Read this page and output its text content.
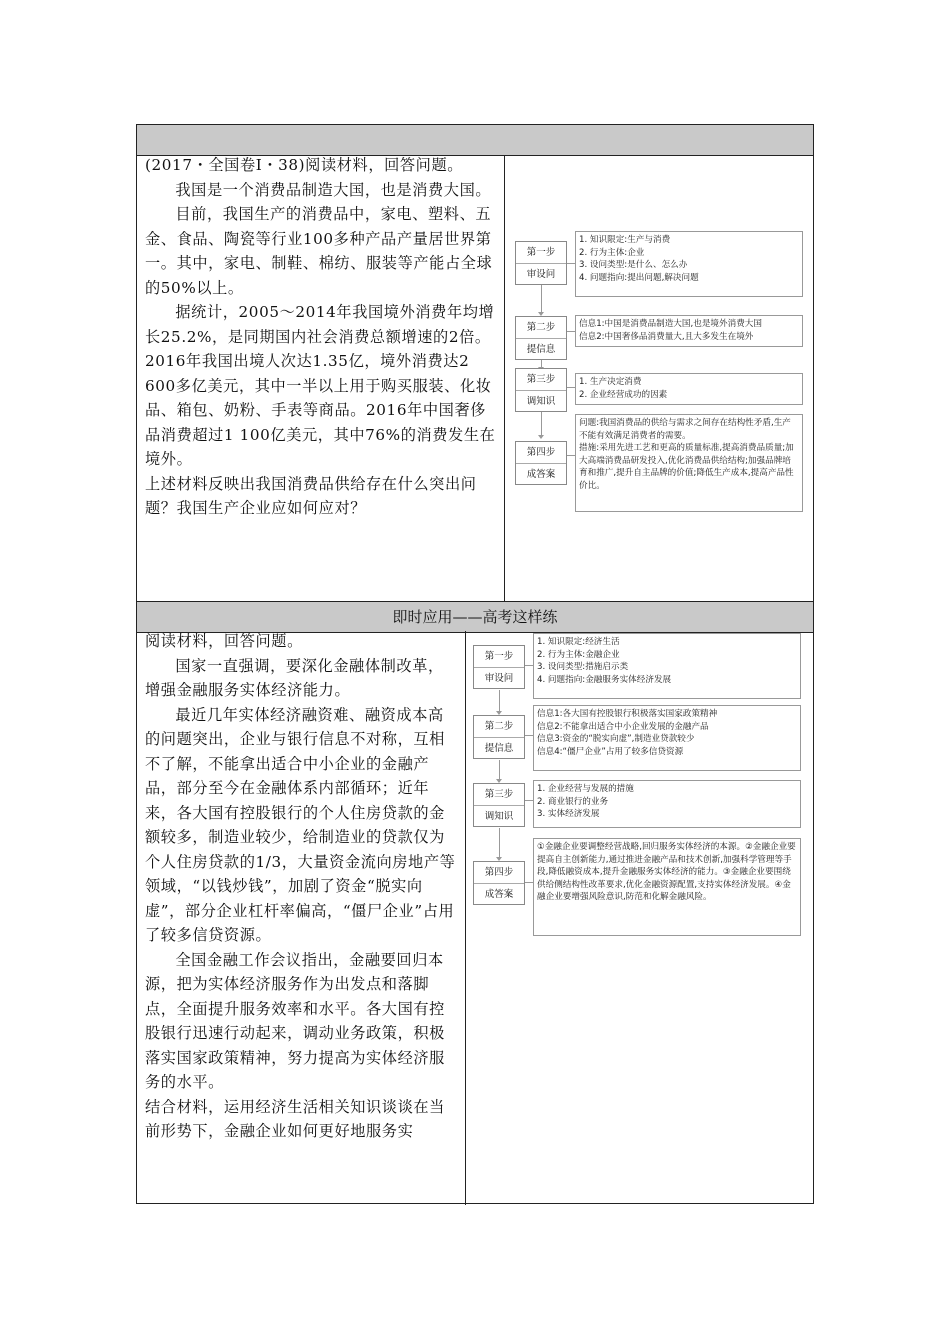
(2017・全国卷Ⅰ・38)阅读材料，回答问题。

我国是一个消费品制造大国，也是消费大国。

目前，我国生产的消费品中，家电、塑料、五金、食品、陶瓷等行业100多种产品产量居世界第一。其中，家电、制鞋、棉纺、服装等产能占全球的50%以上。

据统计，2005～2014年我国境外消费年均增长25.2%，是同期国内社会消费总额增速的2倍。2016年我国出境人次达1.35亿，境外消费达2 600多亿美元，其中一半以上用于购买服装、化妆品、箱包、奶粉、手表等商品。2016年中国奢侈品消费超过1 100亿美元，其中76%的消费发生在境外。

上述材料反映出我国消费品供给存在什么突出问题？我国生产企业应如何应对？

第一步
审设问
1. 知识限定:生产与消费
2. 行为主体:企业
3. 设问类型:是什么、怎么办
4. 问题指向:提出问题,解决问题
第二步
提信息
信息1:中国是消费品制造大国,也是境外消费大国
信息2:中国奢侈品消费量大,且大多发生在境外
第三步
调知识
1. 生产决定消费
2. 企业经营成功的因素
第四步
成答案
问题:我国消费品的供给与需求之间存在结构性矛盾,生产不能有效满足消费者的需要。
措施:采用先进工艺和更高的质量标准,提高消费品质量;加大高端消费品研发投入,优化消费品供给结构;加强品牌培育和推广,提升自主品牌的价值;降低生产成本,提高产品性价比。
即时应用——高考这样练

阅读材料，回答问题。

国家一直强调，要深化金融体制改革，增强金融服务实体经济能力。

最近几年实体经济融资难、融资成本高的问题突出，企业与银行信息不对称，互相不了解，不能拿出适合中小企业的金融产品，部分至今在金融体系内部循环；近年来，各大国有控股银行的个人住房贷款的金额较多，制造业较少，给制造业的贷款仅为个人住房贷款的1/3，大量资金流向房地产等领域，“以钱炒钱”，加剧了资金“脱实向虚”，部分企业杠杆率偏高，“僵尸企业”占用了较多信贷资源。

全国金融工作会议指出，金融要回归本源，把为实体经济服务作为出发点和落脚点，全面提升服务效率和水平。各大国有控股银行迅速行动起来，调动业务政策，积极落实国家政策精神，努力提高为实体经济服务的水平。

结合材料，运用经济生活相关知识谈谈在当前形势下，金融企业如何更好地服务实

第一步
审设问
1. 知识限定:经济生活
2. 行为主体:金融企业
3. 设问类型:措施启示类
4. 问题指向:金融服务实体经济发展
第二步
提信息
信息1:各大国有控股银行积极落实国家政策精神
信息2:不能拿出适合中小企业发展的金融产品
信息3:资金的“脱实向虚”,制造业贷款较少
信息4:“僵尸企业”占用了较多信贷资源
第三步
调知识
1. 企业经营与发展的措施
2. 商业银行的业务
3. 实体经济发展
第四步
成答案
①金融企业要调整经营战略,回归服务实体经济的本源。②金融企业要提高自主创新能力,通过推进金融产品和技术创新,加强科学管理等手段,降低融资成本,提升金融服务实体经济的能力。③金融企业要围绕供给侧结构性改革要求,优化金融资源配置,支持实体经济发展。④金融企业要增强风险意识,防范和化解金融风险。
